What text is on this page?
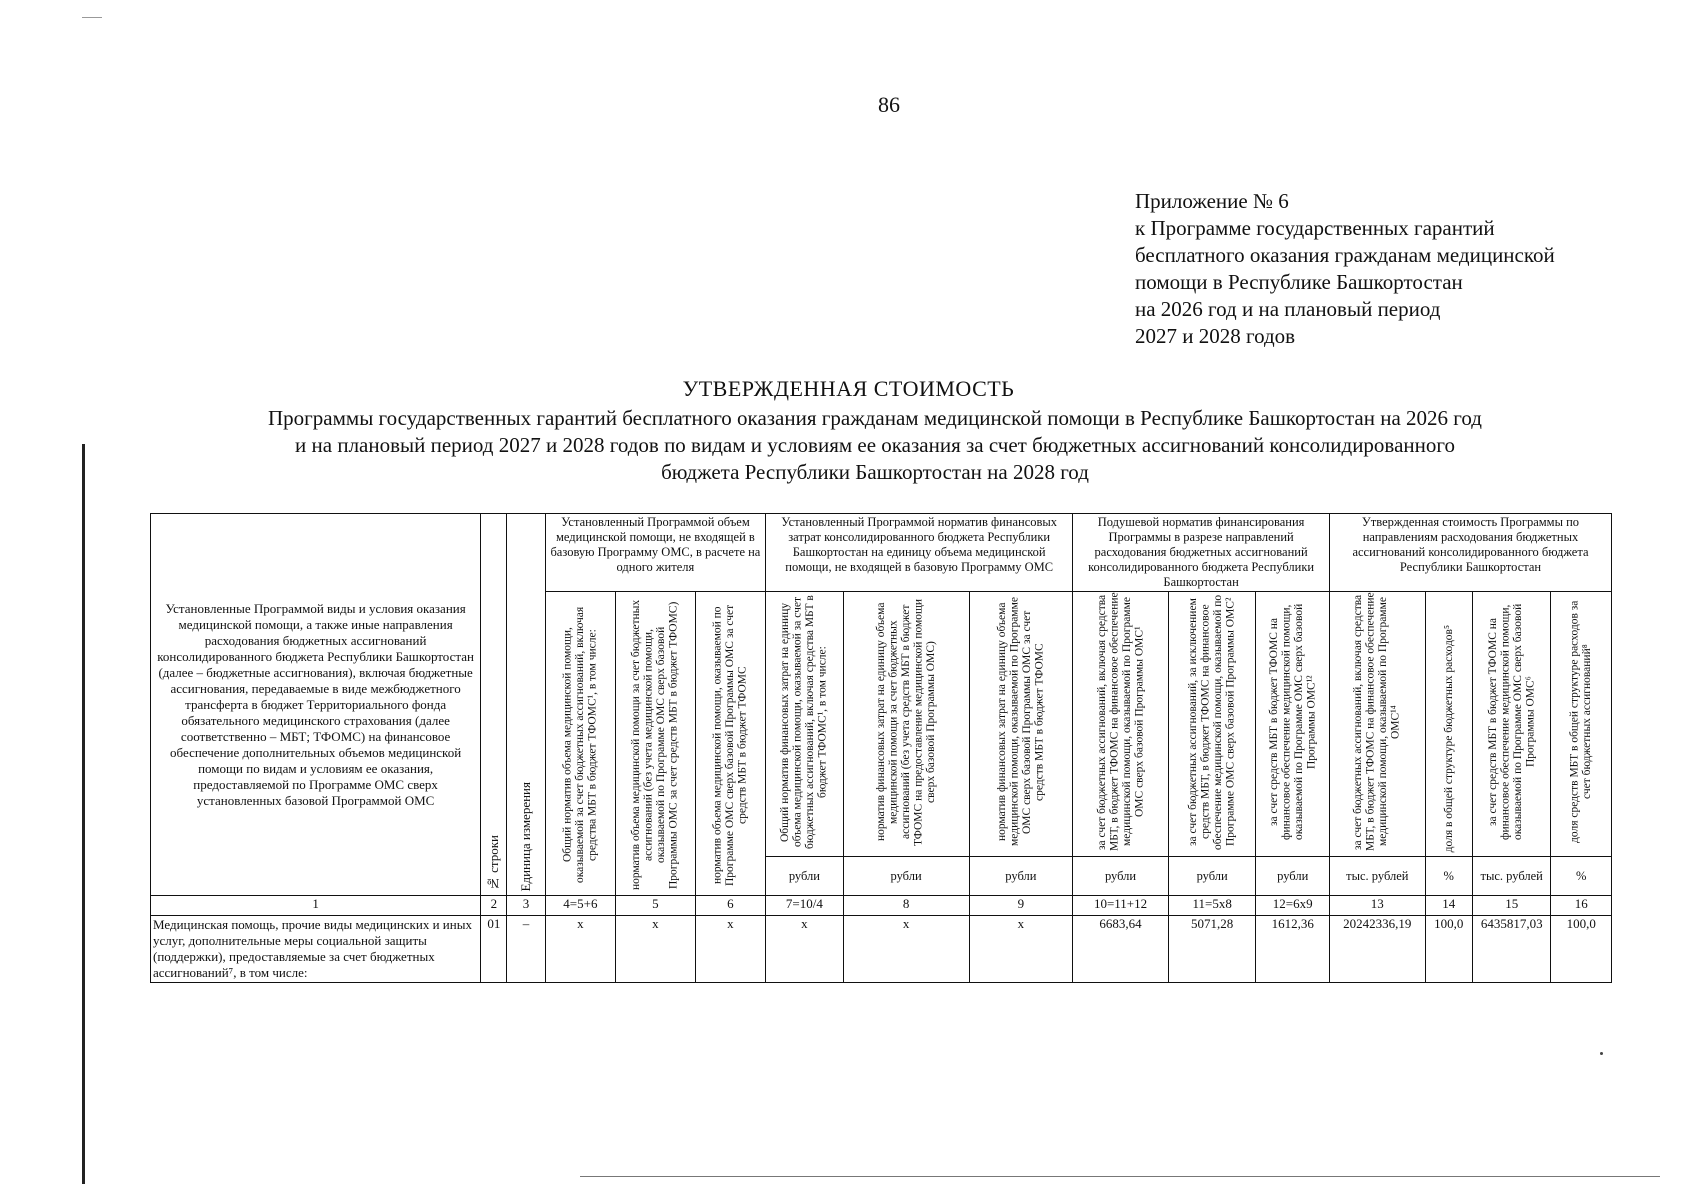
86
Приложение № 6
к Программе государственных гарантий
бесплатного оказания гражданам медицинской
помощи в Республике Башкортостан
на 2026 год и на плановый период
2027 и 2028 годов
УТВЕРЖДЕННАЯ СТОИМОСТЬ
Программы государственных гарантий бесплатного оказания гражданам медицинской помощи в Республике Башкортостан на 2026 год
и на плановый период 2027 и 2028 годов по видам и условиям ее оказания за счет бюджетных ассигнований консолидированного
бюджета Республики Башкортостан на 2028 год
Установленные Программой виды и условия оказания медицинской помощи, а также иные направления расходования бюджетных ассигнований консолидированного бюджета Республики Башкортостан (далее – бюджетные ассигнования), включая бюджетные ассигнования, передаваемые в виде межбюджетного трансферта в бюджет Территориального фонда обязательного медицинского страхования (далее соответственно – МБТ; ТФОМС) на финансовое обеспечение дополнительных объемов медицинской помощи по видам и условиям ее оказания, предоставляемой по Программе ОМС сверх установленных базовой Программой ОМС	№ строки	Единица измерения	Установленный Программой объем медицинской помощи, не входящей в базовую Программу ОМС, в расчете на одного жителя			Установленный Программой норматив финансовых затрат консолидированного бюджета Республики Башкортостан на единицу объема медицинской помощи, не входящей в базовую Программу ОМС			Подушевой норматив финансирования Программы в разрезе направлений расходования бюджетных ассигнований консолидированного бюджета Республики Башкортостан			Утвержденная стоимость Программы по направлениям расходования бюджетных ассигнований консолидированного бюджета Республики Башкортостан			

			Общий норматив объема медицинской помощи, оказываемой за счет бюджетных ассигнований, включая средства МБТ в бюджет ТФОМС¹, в том числе:	норматив объема медицинской помощи за счет бюджетных ассигнований (без учета медицинской помощи, оказываемой по Программе ОМС сверх базовой Программы ОМС за счет средств МБТ в бюджет ТФОМС)	норматив объема медицинской помощи, оказываемой по Программе ОМС сверх базовой Программы ОМС за счет средств МБТ в бюджет ТФОМС	Общий норматив финансовых затрат на единицу объема медицинской помощи, оказываемой за счет бюджетных ассигнований, включая средства МБТ в бюджет ТФОМС¹, в том числе:	норматив финансовых затрат на единицу объема медицинской помощи за счет бюджетных ассигнований (без учета средств МБТ в бюджет ТФОМС на предоставление медицинской помощи сверх базовой Программы ОМС)	норматив финансовых затрат на единицу объема медицинской помощи, оказываемой по Программе ОМС сверх базовой Программы ОМС за счет средств МБТ в бюджет ТФОМС	за счет бюджетных ассигнований, включая средства МБТ, в бюджет ТФОМС на финансовое обеспечение медицинской помощи, оказываемой по Программе ОМС сверх базовой Программы ОМС¹	за счет бюджетных ассигнований, за исключением средств МБТ, в бюджет ТФОМС на финансовое обеспечение медицинской помощи, оказываемой по Программе ОМС сверх базовой Программы ОМС²	за счет средств МБТ в бюджет ТФОМС на финансовое обеспечение медицинской помощи, оказываемой по Программе ОМС сверх базовой Программы ОМС¹²	за счет бюджетных ассигнований, включая средства МБТ, в бюджет ТФОМС на финансовое обеспечение медицинской помощи, оказываемой по Программе ОМС¹⁴	доля в общей структуре бюджетных расходов⁵	за счет средств МБТ в бюджет ТФОМС на финансовое обеспечение медицинской помощи, оказываемой по Программе ОМС сверх базовой Программы ОМС⁶	доля средств МБТ в общей структуре расходов за счет бюджетных ассигнований⁸

						рубли	рубли	рубли	рубли	рубли	рубли	тыс. рублей	%	тыс. рублей	%
1	2	3	4=5+6	5	6	7=10/4	8	9	10=11+12	11=5х8	12=6х9	13	14	15	16
Медицинская помощь, прочие виды медицинских и иных услуг, дополнительные меры социальной защиты (поддержки), предоставляемые за счет бюджетных ассигнований⁷, в том числе:	01	–	х	х	х	х	х	х	6683,64	5071,28	1612,36	20242336,19	100,0	6435817,03	100,0
